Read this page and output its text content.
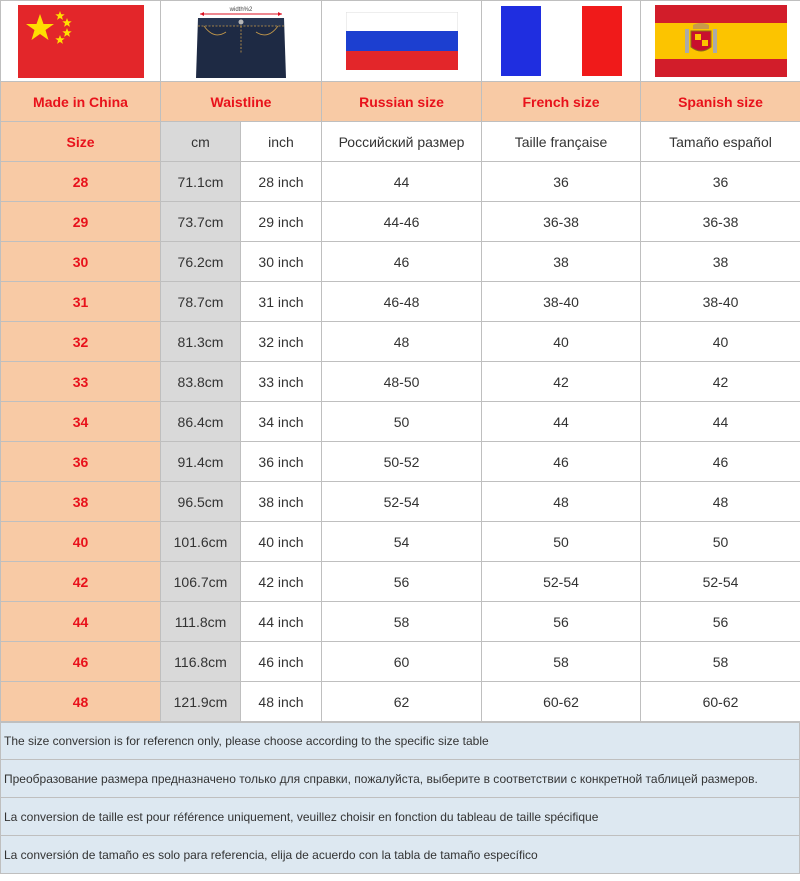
width%2

Made in China	Waistline		Russian size	French size	Spanish size
Size	cm	inch	Российский размер	Taille française	Tamaño español
28	71.1cm	28 inch	44	36	36
29	73.7cm	29 inch	44-46	36-38	36-38
30	76.2cm	30 inch	46	38	38
31	78.7cm	31 inch	46-48	38-40	38-40
32	81.3cm	32 inch	48	40	40
33	83.8cm	33 inch	48-50	42	42
34	86.4cm	34 inch	50	44	44
36	91.4cm	36 inch	50-52	46	46
38	96.5cm	38 inch	52-54	48	48
40	101.6cm	40 inch	54	50	50
42	106.7cm	42 inch	56	52-54	52-54
44	111.8cm	44 inch	58	56	56
46	116.8cm	46 inch	60	58	58
48	121.9cm	48 inch	62	60-62	60-62
The size conversion is for referencn only, please choose according to the specific size table
Преобразование размера предназначено только для справки, пожалуйста, выберите в соответствии с конкретной таблицей размеров.
La conversion de taille est pour référence uniquement, veuillez choisir en fonction du tableau de taille spécifique
La conversión de tamaño es solo para referencia, elija de acuerdo con la tabla de tamaño específico
